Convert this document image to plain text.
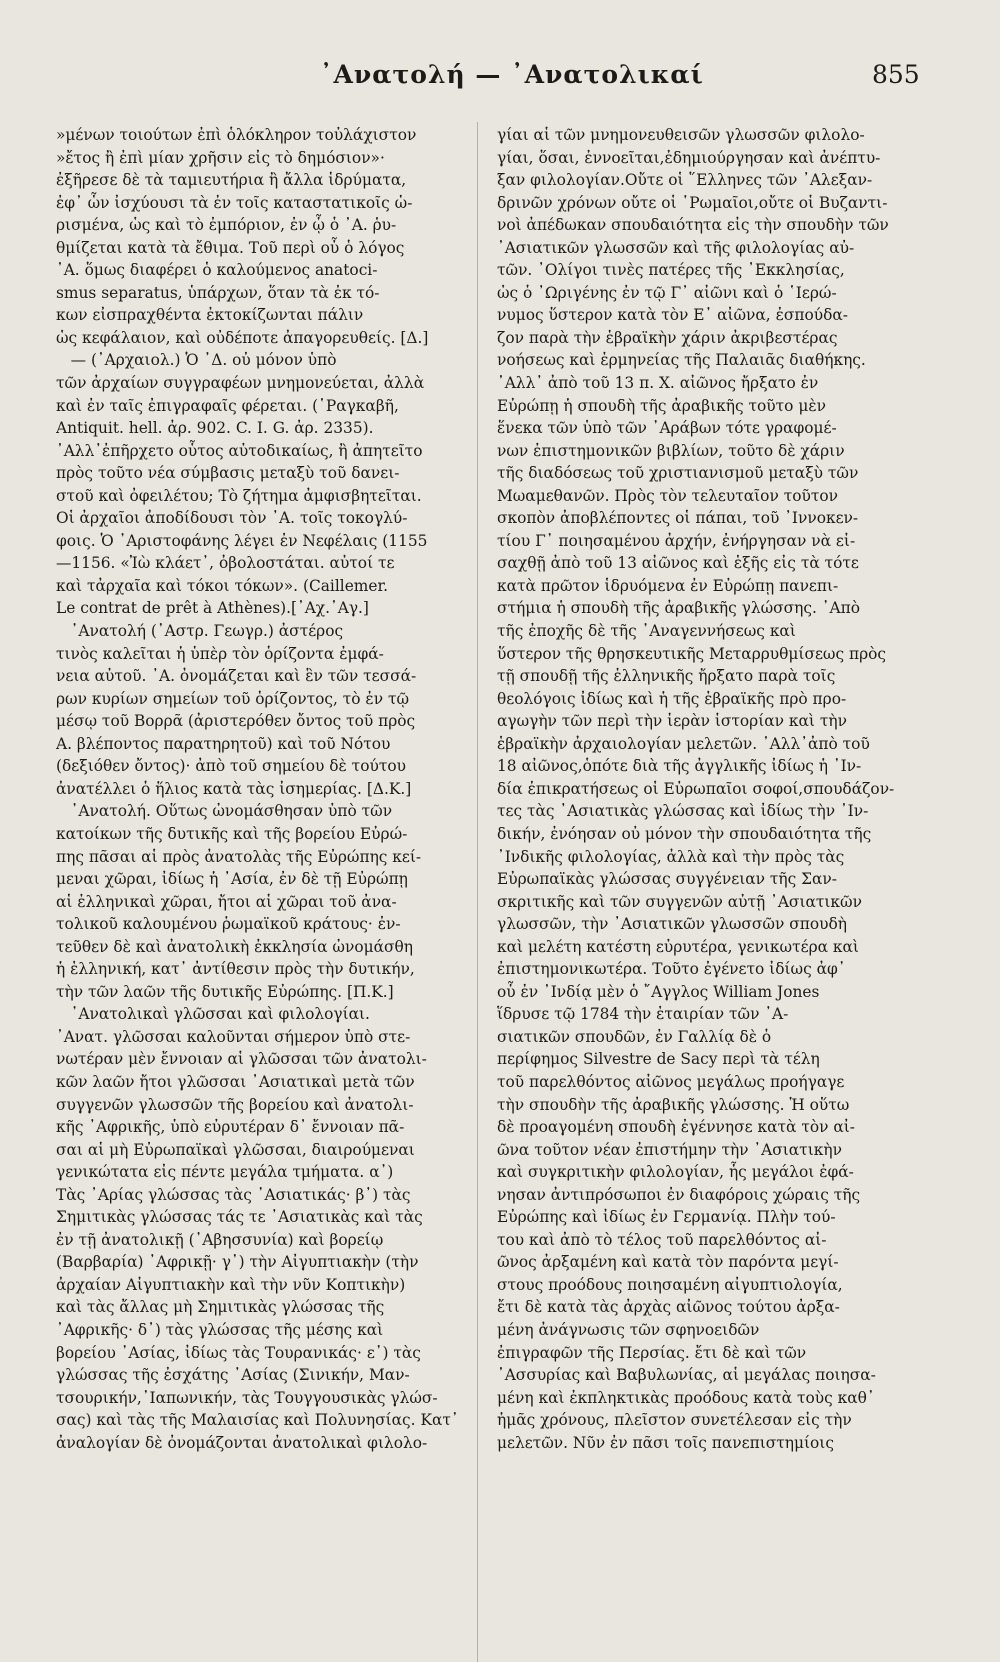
᾿Ανατολή — ᾿Ανατολικαί	855
»μένων τοιούτων ἐπὶ ὁλόκληρον τοὐλάχιστον
»ἔτος ἢ ἐπὶ μίαν χρῆσιν εἰς τὸ δημόσιον»·
ἐξῆρεσε δὲ τὰ ταμιευτήρια ἢ ἄλλα ἱδρύματα,
ἐφ᾿ ὧν ἰσχύουσι τὰ ἐν τοῖς καταστατικοῖς ὡ-
ρισμένα, ὡς καὶ τὸ ἐμπόριον, ἐν ᾧ ὁ ᾿Α. ῥυ-
θμίζεται κατὰ τὰ ἔθιμα. Τοῦ περὶ οὗ ὁ λόγος
᾿Α. ὅμως διαφέρει ὁ καλούμενος anatoci-
smus separatus, ὑπάρχων, ὅταν τὰ ἐκ τό-
κων εἰσπραχθέντα ἐκτοκίζωνται πάλιν
ὡς κεφάλαιον, καὶ οὐδέποτε ἀπαγορευθείς. [Δ.]
— (᾿Αρχαιολ.) Ὁ ᾿Δ. οὐ μόνον ὑπὸ
τῶν ἀρχαίων συγγραφέων μνημονεύεται, ἀλλὰ
καὶ ἐν ταῖς ἐπιγραφαῖς φέρεται. (῾Ραγκαβῆ,
Antiquit. hell. ἀρ. 902. C. I. G. ἀρ. 2335).
᾿Αλλ᾿ἐπῆρχετο οὗτος αὐτοδικαίως, ἢ ἀπητεῖτο
πρὸς τοῦτο νέα σύμβασις μεταξὺ τοῦ δανει-
στοῦ καὶ ὀφειλέτου; Τὸ ζήτημα ἀμφισβητεῖται.
Οἱ ἀρχαῖοι ἀποδίδουσι τὸν ᾿Α. τοῖς τοκογλύ-
φοις. Ὁ ᾿Αριστοφάνης λέγει ἐν Νεφέλαις (1155
—1156. «Ἰὼ κλάετ᾿, ὀβολοστάται. αὐτοί τε
καὶ τἀρχαῖα καὶ τόκοι τόκων». (Caillemer.
Le contrat de prêt à Athènes).[᾿Αχ.᾿Αγ.]
᾿Ανατολή (᾿Αστρ. Γεωγρ.) ἀστέρος
τινὸς καλεῖται ἡ ὑπὲρ τὸν ὁρίζοντα ἐμφά-
νεια αὐτοῦ. ᾿Α. ὀνομάζεται καὶ ἓν τῶν τεσσά-
ρων κυρίων σημείων τοῦ ὁρίζοντος, τὸ ἐν τῷ
μέσῳ τοῦ Βορρᾶ (ἀριστερόθεν ὄντος τοῦ πρὸς
Α. βλέποντος παρατηρητοῦ) καὶ τοῦ Νότου
(δεξιόθεν ὄντος)· ἀπὸ τοῦ σημείου δὲ τούτου
ἀνατέλλει ὁ ἥλιος κατὰ τὰς ἰσημερίας. [Δ.Κ.]
᾿Ανατολή. Οὕτως ὠνομάσθησαν ὑπὸ τῶν
κατοίκων τῆς δυτικῆς καὶ τῆς βορείου Εὐρώ-
πης πᾶσαι αἱ πρὸς ἀνατολὰς τῆς Εὐρώπης κεί-
μεναι χῶραι, ἰδίως ἡ ᾿Ασία, ἐν δὲ τῇ Εὐρώπῃ
αἱ ἑλληνικαὶ χῶραι, ἤτοι αἱ χῶραι τοῦ ἀνα-
τολικοῦ καλουμένου ῥωμαϊκοῦ κράτους· ἐν-
τεῦθεν δὲ καὶ ἀνατολικὴ ἐκκλησία ὠνομάσθη
ἡ ἑλληνική, κατ᾿ ἀντίθεσιν πρὸς τὴν δυτικήν,
τὴν τῶν λαῶν τῆς δυτικῆς Εὐρώπης. [Π.Κ.]
᾿Ανατολικαὶ γλῶσσαι καὶ φιλολογίαι.
᾿Ανατ. γλῶσσαι καλοῦνται σήμερον ὑπὸ στε-
νωτέραν μὲν ἔννοιαν αἱ γλῶσσαι τῶν ἀνατολι-
κῶν λαῶν ἤτοι γλῶσσαι ᾿Ασιατικαὶ μετὰ τῶν
συγγενῶν γλωσσῶν τῆς βορείου καὶ ἀνατολι-
κῆς ᾿Αφρικῆς, ὑπὸ εὐρυτέραν δ᾿ ἔννοιαν πᾶ-
σαι αἱ μὴ Εὐρωπαϊκαὶ γλῶσσαι, διαιρούμεναι
γενικώτατα εἰς πέντε μεγάλα τμήματα. α᾿)
Τὰς ᾿Αρίας γλώσσας τὰς ᾿Ασιατικάς· β᾿) τὰς
Σημιτικὰς γλώσσας τάς τε ᾿Ασιατικὰς καὶ τὰς
ἐν τῇ ἀνατολικῇ (᾿Αβησσυνία) καὶ βορείῳ
(Βαρβαρία) ᾿Αφρικῇ· γ᾿) τὴν Αἰγυπτιακὴν (τὴν
ἀρχαίαν Αἰγυπτιακὴν καὶ τὴν νῦν Κοπτικὴν)
καὶ τὰς ἄλλας μὴ Σημιτικὰς γλώσσας τῆς
᾿Αφρικῆς· δ᾿) τὰς γλώσσας τῆς μέσης καὶ
βορείου ᾿Ασίας, ἰδίως τὰς Τουρανικάς· ε᾿) τὰς
γλώσσας τῆς ἐσχάτης ᾿Ασίας (Σινικήν, Μαν-
τσουρικήν,᾿Ιαπωνικήν, τὰς Τουγγουσικὰς γλώσ-
σας) καὶ τὰς τῆς Μαλαισίας καὶ Πολυνησίας. Κατ᾿
ἀναλογίαν δὲ ὀνομάζονται ἀνατολικαὶ φιλολο-
γίαι αἱ τῶν μνημονευθεισῶν γλωσσῶν φιλολο-
γίαι, ὅσαι, ἐννοεῖται,ἐδημιούργησαν καὶ ἀνέπτυ-
ξαν φιλολογίαν.Οὔτε οἱ ῞Ελληνες τῶν ᾿Αλεξαν-
δρινῶν χρόνων οὔτε οἱ ῾Ρωμαῖοι,οὔτε οἱ Βυζαντι-
νοὶ ἀπέδωκαν σπουδαιότητα εἰς τὴν σπουδὴν τῶν
᾿Ασιατικῶν γλωσσῶν καὶ τῆς φιλολογίας αὐ-
τῶν. ᾿Ολίγοι τινὲς πατέρες τῆς ᾿Εκκλησίας,
ὡς ὁ ᾿Ωριγένης ἐν τῷ Γ᾿ αἰῶνι καὶ ὁ ῾Ιερώ-
νυμος ὕστερον κατὰ τὸν Ε᾿ αἰῶνα, ἐσπούδα-
ζον παρὰ τὴν ἑβραϊκὴν χάριν ἀκριβεστέρας
νοήσεως καὶ ἑρμηνείας τῆς Παλαιᾶς διαθήκης.
᾿Αλλ᾿ ἀπὸ τοῦ 13 π. Χ. αἰῶνος ἤρξατο ἐν
Εὐρώπῃ ἡ σπουδὴ τῆς ἀραβικῆς τοῦτο μὲν
ἕνεκα τῶν ὑπὸ τῶν ᾿Αράβων τότε γραφομέ-
νων ἐπιστημονικῶν βιβλίων, τοῦτο δὲ χάριν
τῆς διαδόσεως τοῦ χριστιανισμοῦ μεταξὺ τῶν
Μωαμεθανῶν. Πρὸς τὸν τελευταῖον τοῦτον
σκοπὸν ἀποβλέποντες οἱ πάπαι, τοῦ ᾿Ιννοκεν-
τίου Γ᾿ ποιησαμένου ἀρχήν, ἐνήργησαν νὰ εἰ-
σαχθῇ ἀπὸ τοῦ 13 αἰῶνος καὶ ἑξῆς εἰς τὰ τότε
κατὰ πρῶτον ἱδρυόμενα ἐν Εὐρώπῃ πανεπι-
στήμια ἡ σπουδὴ τῆς ἀραβικῆς γλώσσης. ᾿Απὸ
τῆς ἐποχῆς δὲ τῆς ᾿Αναγεννήσεως καὶ
ὕστερον τῆς θρησκευτικῆς Μεταρρυθμίσεως πρὸς
τῇ σπουδῇ τῆς ἑλληνικῆς ἤρξατο παρὰ τοῖς
θεολόγοις ἰδίως καὶ ἡ τῆς ἑβραϊκῆς πρὸ προ-
αγωγὴν τῶν περὶ τὴν ἱερὰν ἱστορίαν καὶ τὴν
ἑβραϊκὴν ἀρχαιολογίαν μελετῶν. ᾿Αλλ᾿ἀπὸ τοῦ
18 αἰῶνος,ὁπότε διὰ τῆς ἀγγλικῆς ἰδίως ἡ ᾿Ιν-
δία ἐπικρατήσεως οἱ Εὐρωπαῖοι σοφοί,σπουδάζον-
τες τὰς ᾿Ασιατικὰς γλώσσας καὶ ἰδίως τὴν ᾿Ιν-
δικήν, ἐνόησαν οὐ μόνον τὴν σπουδαιότητα τῆς
᾿Ινδικῆς φιλολογίας, ἀλλὰ καὶ τὴν πρὸς τὰς
Εὐρωπαϊκὰς γλώσσας συγγένειαν τῆς Σαν-
σκριτικῆς καὶ τῶν συγγενῶν αὐτῇ ᾿Ασιατικῶν
γλωσσῶν, τὴν ᾿Ασιατικῶν γλωσσῶν σπουδὴ
καὶ μελέτη κατέστη εὐρυτέρα, γενικωτέρα καὶ
ἐπιστημονικωτέρα. Τοῦτο ἐγένετο ἰδίως ἀφ᾿
οὗ ἐν ᾿Ινδίᾳ μὲν ὁ ῎Αγγλος William Jones
ἵδρυσε τῷ 1784 τὴν ἑταιρίαν τῶν ᾿Α-
σιατικῶν σπουδῶν, ἐν Γαλλίᾳ δὲ ὁ
περίφημος Silvestre de Sacy περὶ τὰ τέλη
τοῦ παρελθόντος αἰῶνος μεγάλως προήγαγε
τὴν σπουδὴν τῆς ἀραβικῆς γλώσσης. Ἡ οὕτω
δὲ προαγομένη σπουδὴ ἐγέννησε κατὰ τὸν αἰ-
ῶνα τοῦτον νέαν ἐπιστήμην τὴν ᾿Ασιατικὴν
καὶ συγκριτικὴν φιλολογίαν, ἧς μεγάλοι ἐφά-
νησαν ἀντιπρόσωποι ἐν διαφόροις χώραις τῆς
Εὐρώπης καὶ ἰδίως ἐν Γερμανίᾳ. Πλὴν τού-
του καὶ ἀπὸ τὸ τέλος τοῦ παρελθόντος αἰ-
ῶνος ἀρξαμένη καὶ κατὰ τὸν παρόντα μεγί-
στους προόδους ποιησαμένη αἰγυπτιολογία,
ἔτι δὲ κατὰ τὰς ἀρχὰς αἰῶνος τούτου ἀρξα-
μένη ἀνάγνωσις τῶν σφηνοειδῶν
ἐπιγραφῶν τῆς Περσίας. ἔτι δὲ καὶ τῶν
᾿Ασσυρίας καὶ Βαβυλωνίας, αἱ μεγάλας ποιησα-
μένη καὶ ἐκπληκτικὰς προόδους κατὰ τοὺς καθ᾿
ἡμᾶς χρόνους, πλεῖστον συνετέλεσαν εἰς τὴν
μελετῶν. Νῦν ἐν πᾶσι τοῖς πανεπιστημίοις
